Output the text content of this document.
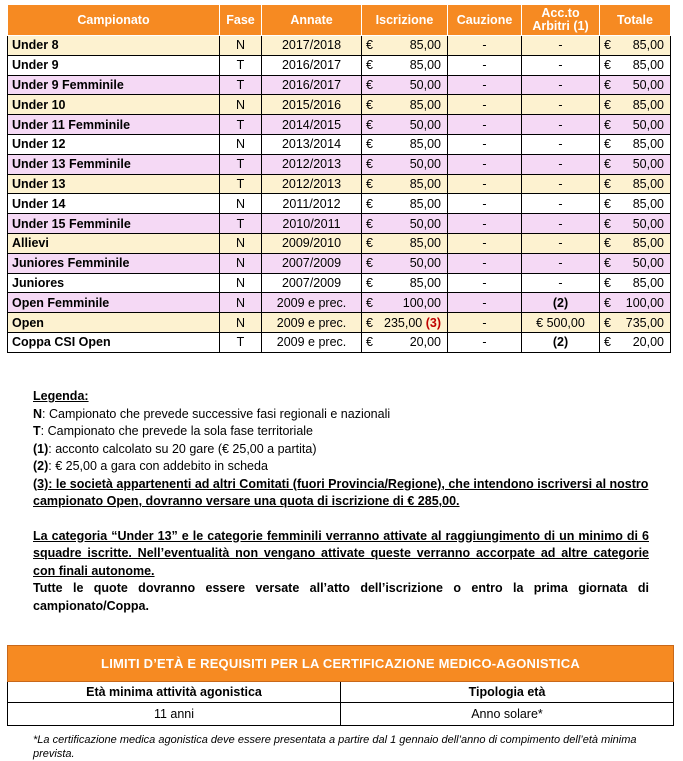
Campionato	Fase	Annate	Iscrizione	Cauzione	Acc.to Arbitri (1)	Totale
Under 8	N	2017/2018	€ 85,00	-	-	€ 85,00

Under 9	T	2016/2017	€ 85,00	-	-	€ 85,00

Under 9 Femminile	T	2016/2017	€ 50,00	-	-	€ 50,00

Under 10	N	2015/2016	€ 85,00	-	-	€ 85,00

Under 11 Femminile	T	2014/2015	€ 50,00	-	-	€ 50,00

Under 12	N	2013/2014	€ 85,00	-	-	€ 85,00

Under 13 Femminile	T	2012/2013	€ 50,00	-	-	€ 50,00

Under 13	T	2012/2013	€ 85,00	-	-	€ 85,00

Under 14	N	2011/2012	€ 85,00	-	-	€ 85,00

Under 15 Femminile	T	2010/2011	€ 50,00	-	-	€ 50,00

Allievi	N	2009/2010	€ 85,00	-	-	€ 85,00

Juniores Femminile	N	2007/2009	€ 50,00	-	-	€ 50,00

Juniores	N	2007/2009	€ 85,00	-	-	€ 85,00

Open Femminile	N	2009 e prec.	€ 100,00	-	(2)	€ 100,00

Open	N	2009 e prec.	€ 235,00 (3)	-	€ 500,00	€ 735,00

Coppa CSI Open	T	2009 e prec.	€ 20,00	-	(2)	€ 20,00

Legenda:

N: Campionato che prevede successive fasi regionali e nazionali

T: Campionato che prevede la sola fase territoriale

(1): acconto calcolato su 20 gare (€ 25,00 a partita)

(2): € 25,00 a gara con addebito in scheda

(3): le società appartenenti ad altri Comitati (fuori Provincia/Regione), che intendono iscriversi al nostro campionato Open, dovranno versare una quota di iscrizione di € 285,00.

La categoria “Under 13” e le categorie femminili verranno attivate al raggiungimento di un minimo di 6 squadre iscritte. Nell’eventualità non vengano attivate queste verranno accorpate ad altre categorie con finali autonome.

Tutte le quote dovranno essere versate all’atto dell’iscrizione o entro la prima giornata di campionato/Coppa.

LIMITI D’ETÀ E REQUISITI PER LA CERTIFICAZIONE MEDICO-AGONISTICA	
Età minima attività agonistica	Tipologia età
11 anni	Anno solare*
*La certificazione medica agonistica deve essere presentata a partire dal 1 gennaio dell’anno di compimento dell’età minima prevista.
